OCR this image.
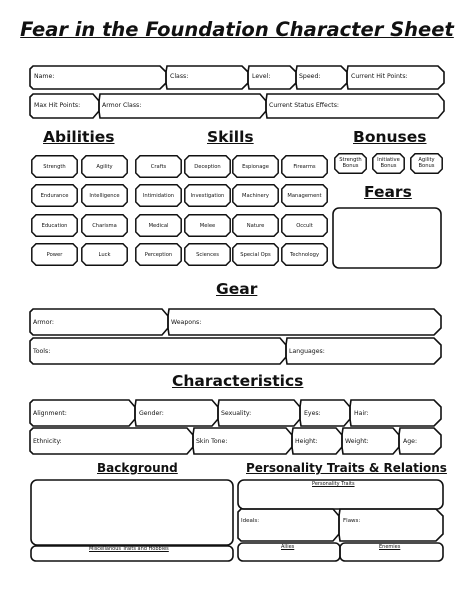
Fear in the Foundation Character Sheet
Name:	Class:	Level:	Speed:	Current Hit Points:
Max Hit Points:	Armor Class:	Current Status Effects:
Abilities	Skills	Bonuses
Fears
Gear
Characteristics
Background	Personality Traits & Relations
Strength	Agility
Endurance	Intelligence
Education	Charisma
Power	Luck
Crafts	Deception	Espionage	Firearms
Intimidation	Investigation	Machinery	Management
Medical	Melee	Nature	Occult
Perception	Sciences	Special Ops	Technology
Strength
Bonus
Initiative
Bonus
Agility
Bonus
Armor:	Weapons:
Tools:	Languages:
Alignment:	Gender:	Sexuality:	Eyes:	Hair:
Ethnicity:	Skin Tone:	Height:	Weight:	Age:
Personality Traits
Ideals:	Flaws:
Allies	Enemies
Miscellanous Traits and Hobbies
